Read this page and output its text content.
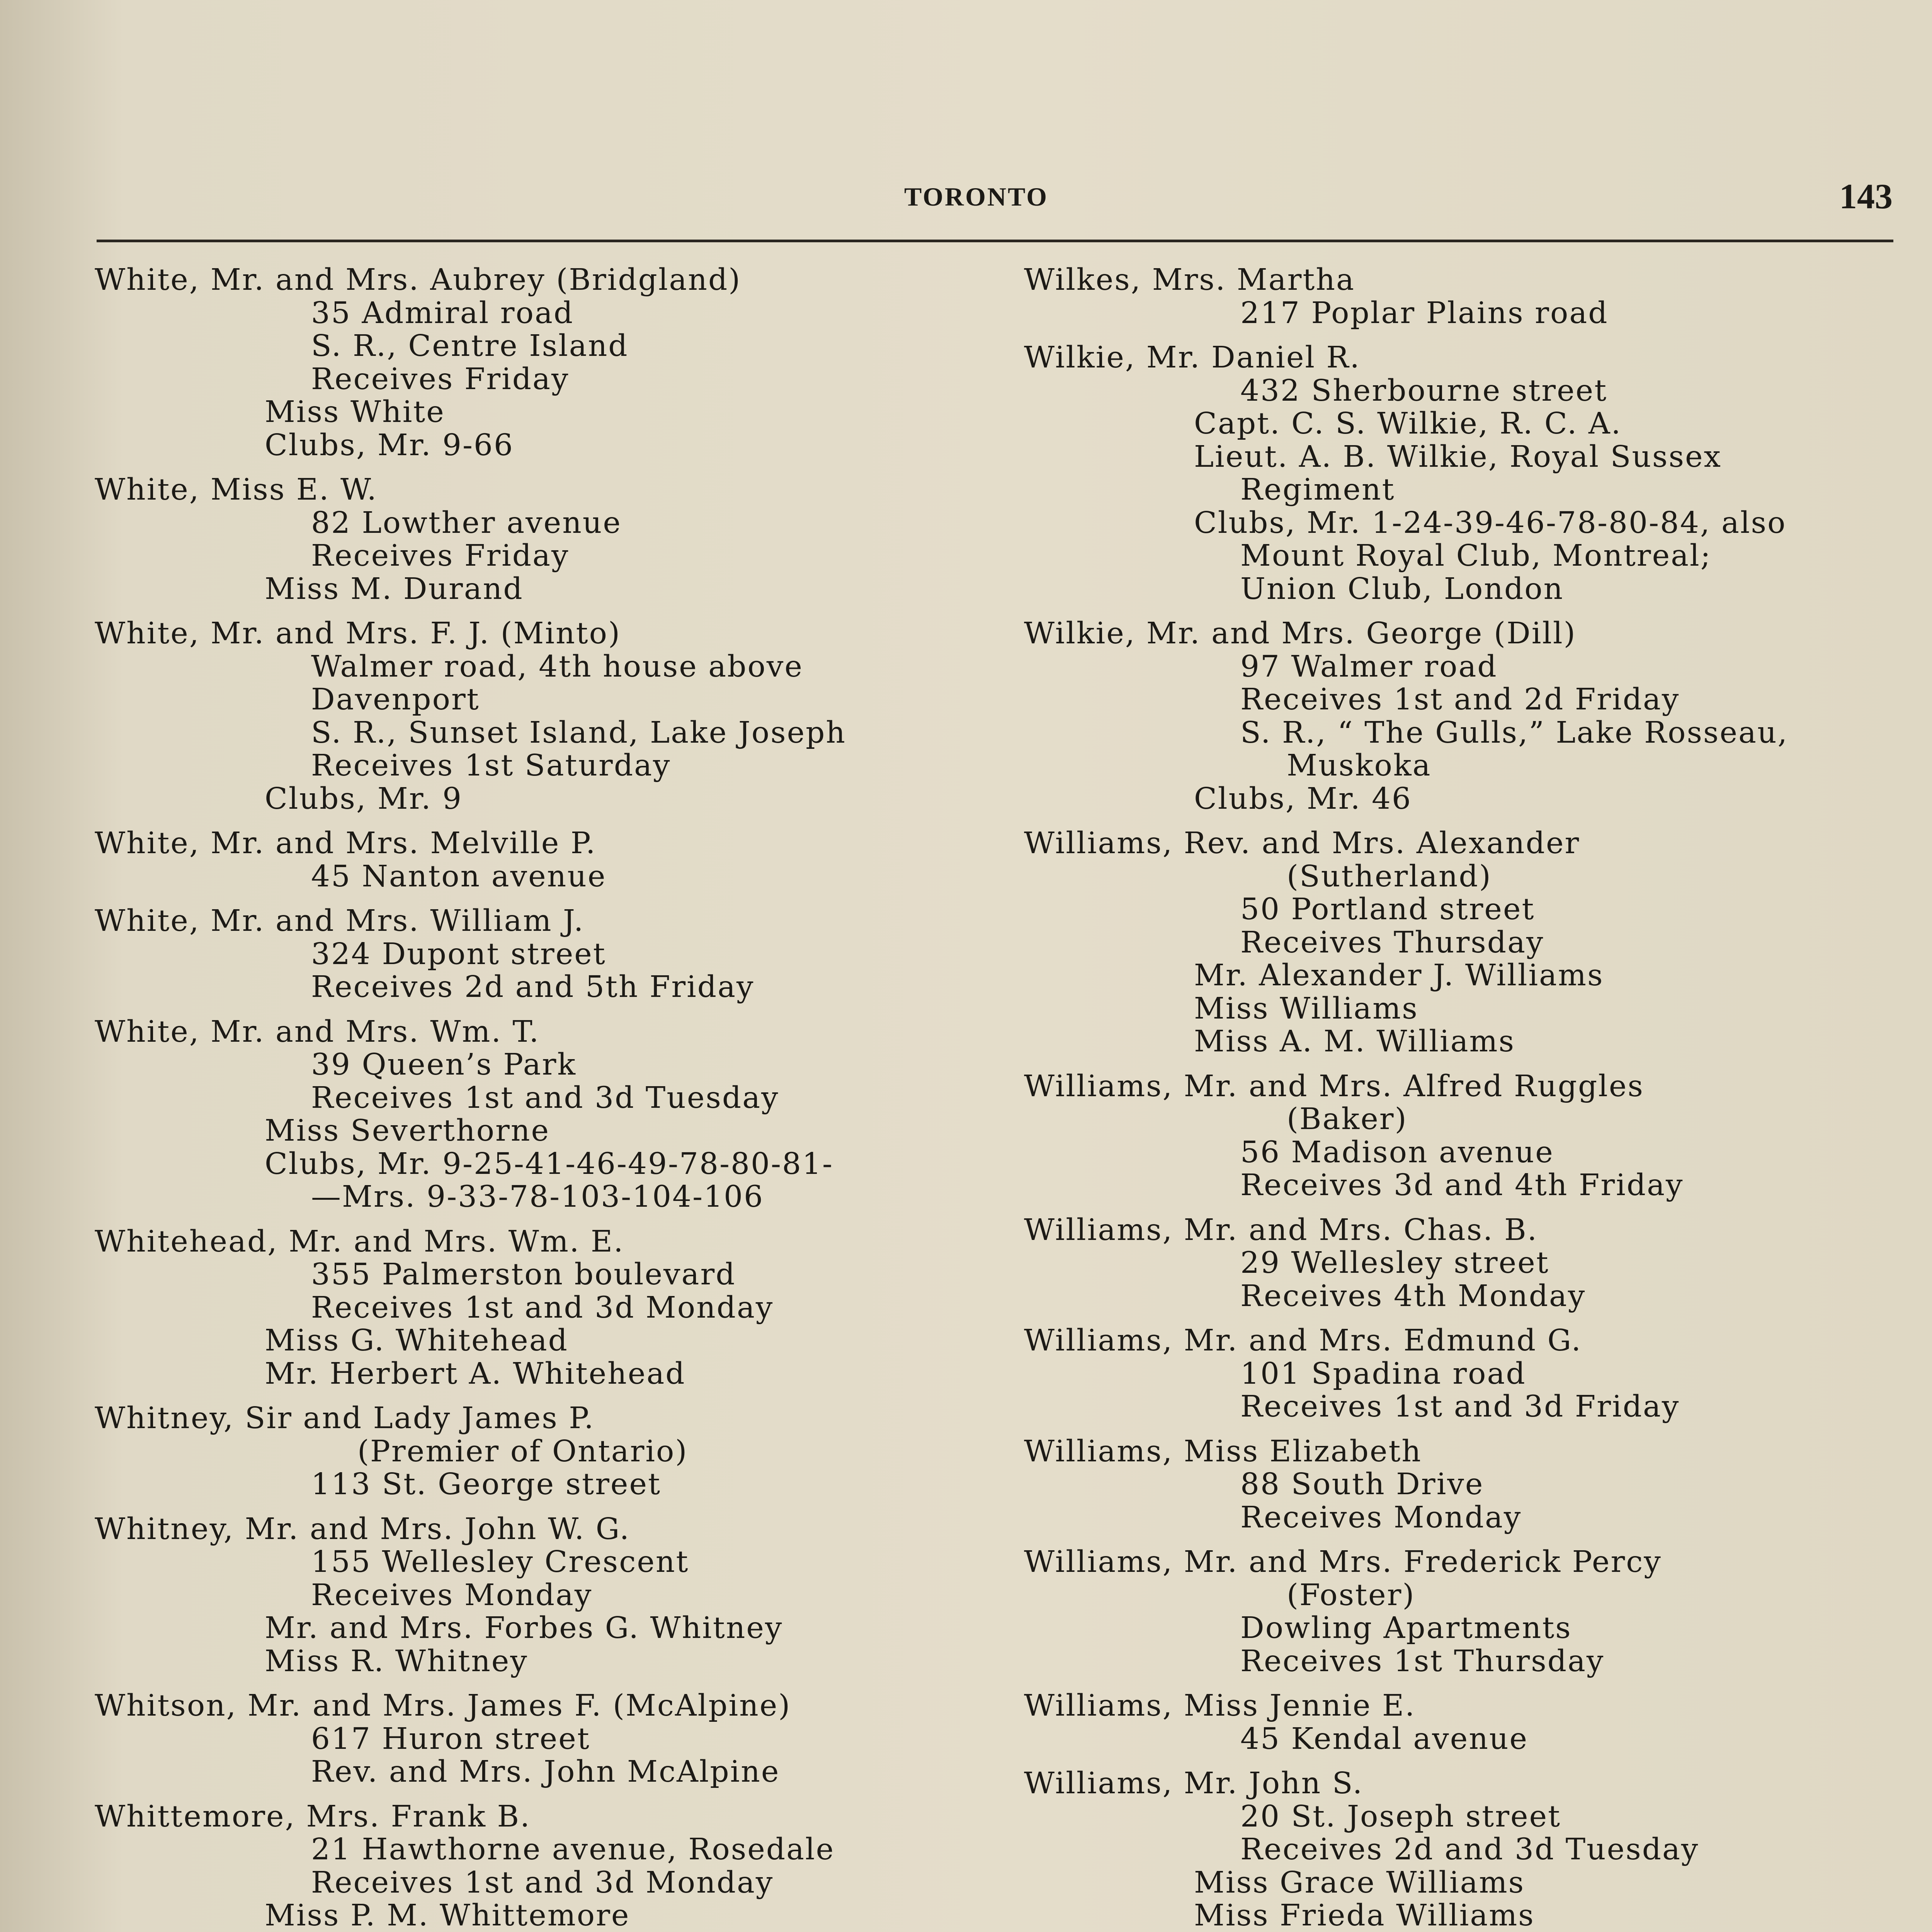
TORONTO	143
White, Mr. and Mrs. Aubrey (Bridgland)
35 Admiral road
S. R., Centre Island
Receives Friday
Miss White
Clubs, Mr. 9-66
White, Miss E. W.
82 Lowther avenue
Receives Friday
Miss M. Durand
White, Mr. and Mrs. F. J. (Minto)
Walmer road, 4th house above
Davenport
S. R., Sunset Island, Lake Joseph
Receives 1st Saturday
Clubs, Mr. 9
White, Mr. and Mrs. Melville P.
45 Nanton avenue
White, Mr. and Mrs. William J.
324 Dupont street
Receives 2d and 5th Friday
White, Mr. and Mrs. Wm. T.
39 Queen’s Park
Receives 1st and 3d Tuesday
Miss Severthorne
Clubs, Mr. 9-25-41-46-49-78-80-81-
—Mrs. 9-33-78-103-104-106
Whitehead, Mr. and Mrs. Wm. E.
355 Palmerston boulevard
Receives 1st and 3d Monday
Miss G. Whitehead
Mr. Herbert A. Whitehead
Whitney, Sir and Lady James P.
(Premier of Ontario)
113 St. George street
Whitney, Mr. and Mrs. John W. G.
155 Wellesley Crescent
Receives Monday
Mr. and Mrs. Forbes G. Whitney
Miss R. Whitney
Whitson, Mr. and Mrs. James F. (McAlpine)
617 Huron street
Rev. and Mrs. John McAlpine
Whittemore, Mrs. Frank B.
21 Hawthorne avenue, Rosedale
Receives 1st and 3d Monday
Miss P. M. Whittemore
Wilkes, Mrs. Martha
217 Poplar Plains road
Wilkie, Mr. Daniel R.
432 Sherbourne street
Capt. C. S. Wilkie, R. C. A.
Lieut. A. B. Wilkie, Royal Sussex
Regiment
Clubs, Mr. 1-24-39-46-78-80-84, also
Mount Royal Club, Montreal;
Union Club, London
Wilkie, Mr. and Mrs. George (Dill)
97 Walmer road
Receives 1st and 2d Friday
S. R., “ The Gulls,” Lake Rosseau,
Muskoka
Clubs, Mr. 46
Williams, Rev. and Mrs. Alexander
(Sutherland)
50 Portland street
Receives Thursday
Mr. Alexander J. Williams
Miss Williams
Miss A. M. Williams
Williams, Mr. and Mrs. Alfred Ruggles
(Baker)
56 Madison avenue
Receives 3d and 4th Friday
Williams, Mr. and Mrs. Chas. B.
29 Wellesley street
Receives 4th Monday
Williams, Mr. and Mrs. Edmund G.
101 Spadina road
Receives 1st and 3d Friday
Williams, Miss Elizabeth
88 South Drive
Receives Monday
Williams, Mr. and Mrs. Frederick Percy
(Foster)
Dowling Apartments
Receives 1st Thursday
Williams, Miss Jennie E.
45 Kendal avenue
Williams, Mr. John S.
20 St. Joseph street
Receives 2d and 3d Tuesday
Miss Grace Williams
Miss Frieda Williams
